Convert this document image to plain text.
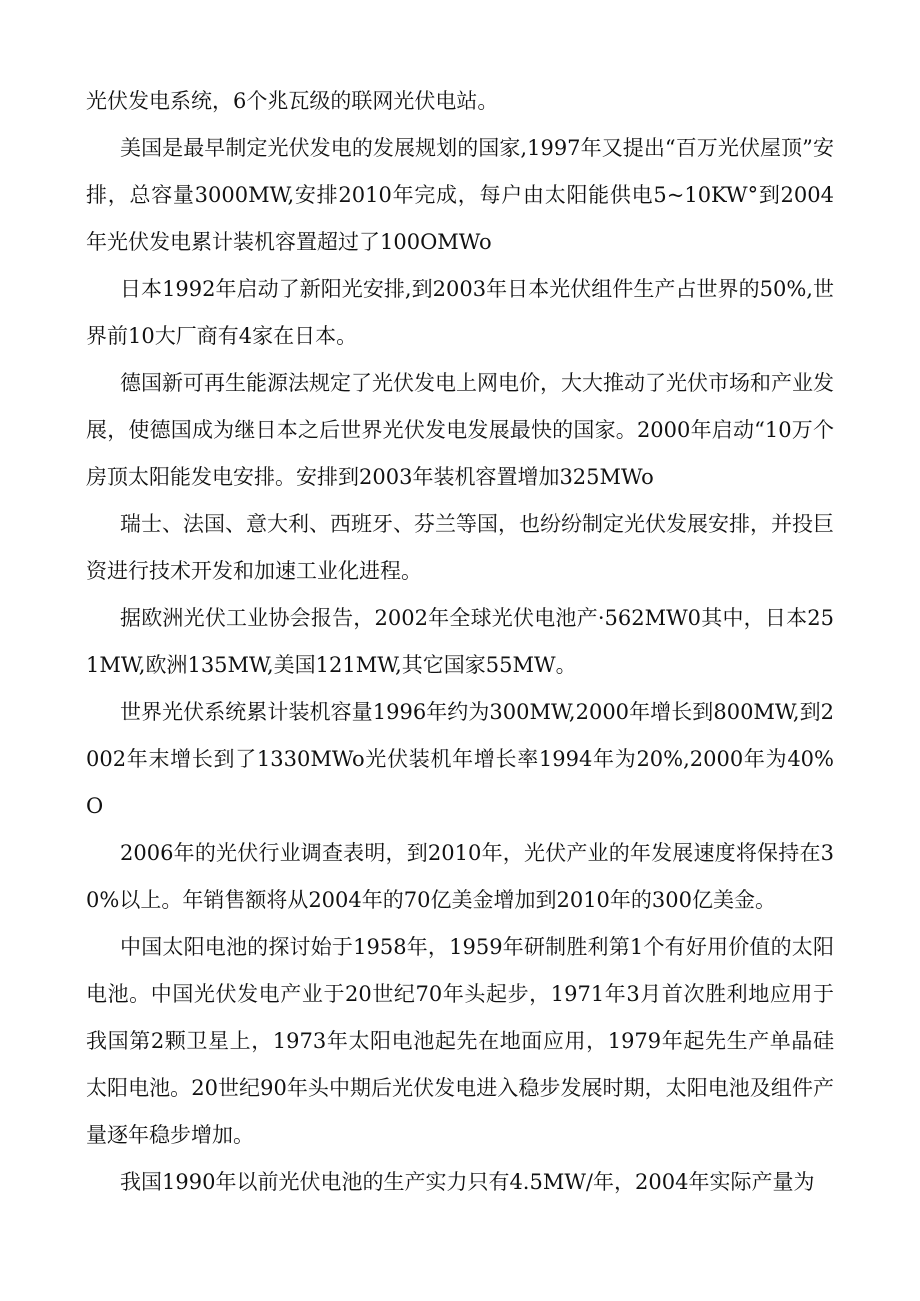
光伏发电系统，6个兆瓦级的联网光伏电站。

美国是最早制定光伏发电的发展规划的国家,1997年又提出“百万光伏屋顶”安排，总容量3000MW,安排2010年完成，每户由太阳能供电5~10KW°到2004年光伏发电累计装机容置超过了100OMWo

日本1992年启动了新阳光安排,到2003年日本光伏组件生产占世界的50%,世界前10大厂商有4家在日本。

德国新可再生能源法规定了光伏发电上网电价，大大推动了光伏市场和产业发展，使德国成为继日本之后世界光伏发电发展最快的国家。2000年启动“10万个房顶太阳能发电安排。安排到2003年装机容置增加325MWo

瑞士、法国、意大利、西班牙、芬兰等国，也纷纷制定光伏发展安排，并投巨资进行技术开发和加速工业化进程。

据欧洲光伏工业协会报告，2002年全球光伏电池产·562MW0其中，日本251MW,欧洲135MW,美国121MW,其它国家55MW。

世界光伏系统累计装机容量1996年约为300MW,2000年增长到800MW,到2002年末增长到了1330MWo光伏装机年增长率1994年为20%,2000年为40%O

2006年的光伏行业调查表明，到2010年，光伏产业的年发展速度将保持在30%以上。年销售额将从2004年的70亿美金增加到2010年的300亿美金。

中国太阳电池的探讨始于1958年，1959年研制胜利第1个有好用价值的太阳电池。中国光伏发电产业于20世纪70年头起步，1971年3月首次胜利地应用于我国第2颗卫星上，1973年太阳电池起先在地面应用，1979年起先生产单晶硅太阳电池。20世纪90年头中期后光伏发电进入稳步发展时期，太阳电池及组件产量逐年稳步增加。

我国1990年以前光伏电池的生产实力只有4.5MW/年，2004年实际产量为
